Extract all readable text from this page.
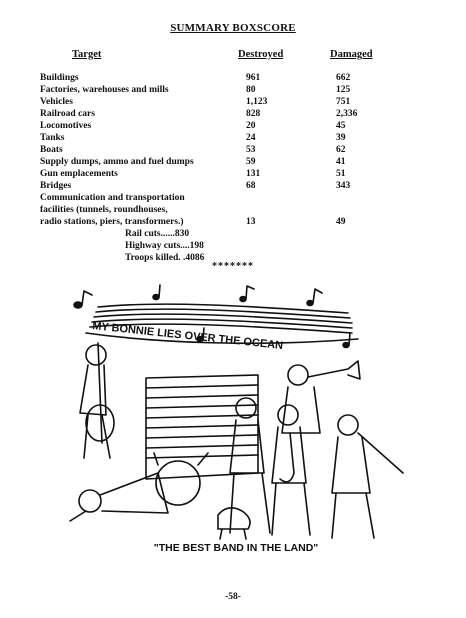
SUMMARY BOXSCORE
Target	Destroyed	Damaged
Buildings	961	662
Factories, warehouses and mills	80	125
Vehicles	1,123	751
Railroad cars	828	2,336
Locomotives	20	45
Tanks	24	39
Boats	53	62
Supply dumps, ammo and fuel dumps	59	41
Gun emplacements	131	51
Bridges	68	343
Communication and transportation
facilities (tunnels, roundhouses,
radio stations, piers, transformers.)	13	49
Rail cuts......830
Highway cuts....198
Troops killed. .4086
*******
MY BONNIE LIES OVER THE OCEAN
"THE BEST BAND IN THE LAND"
-58-
